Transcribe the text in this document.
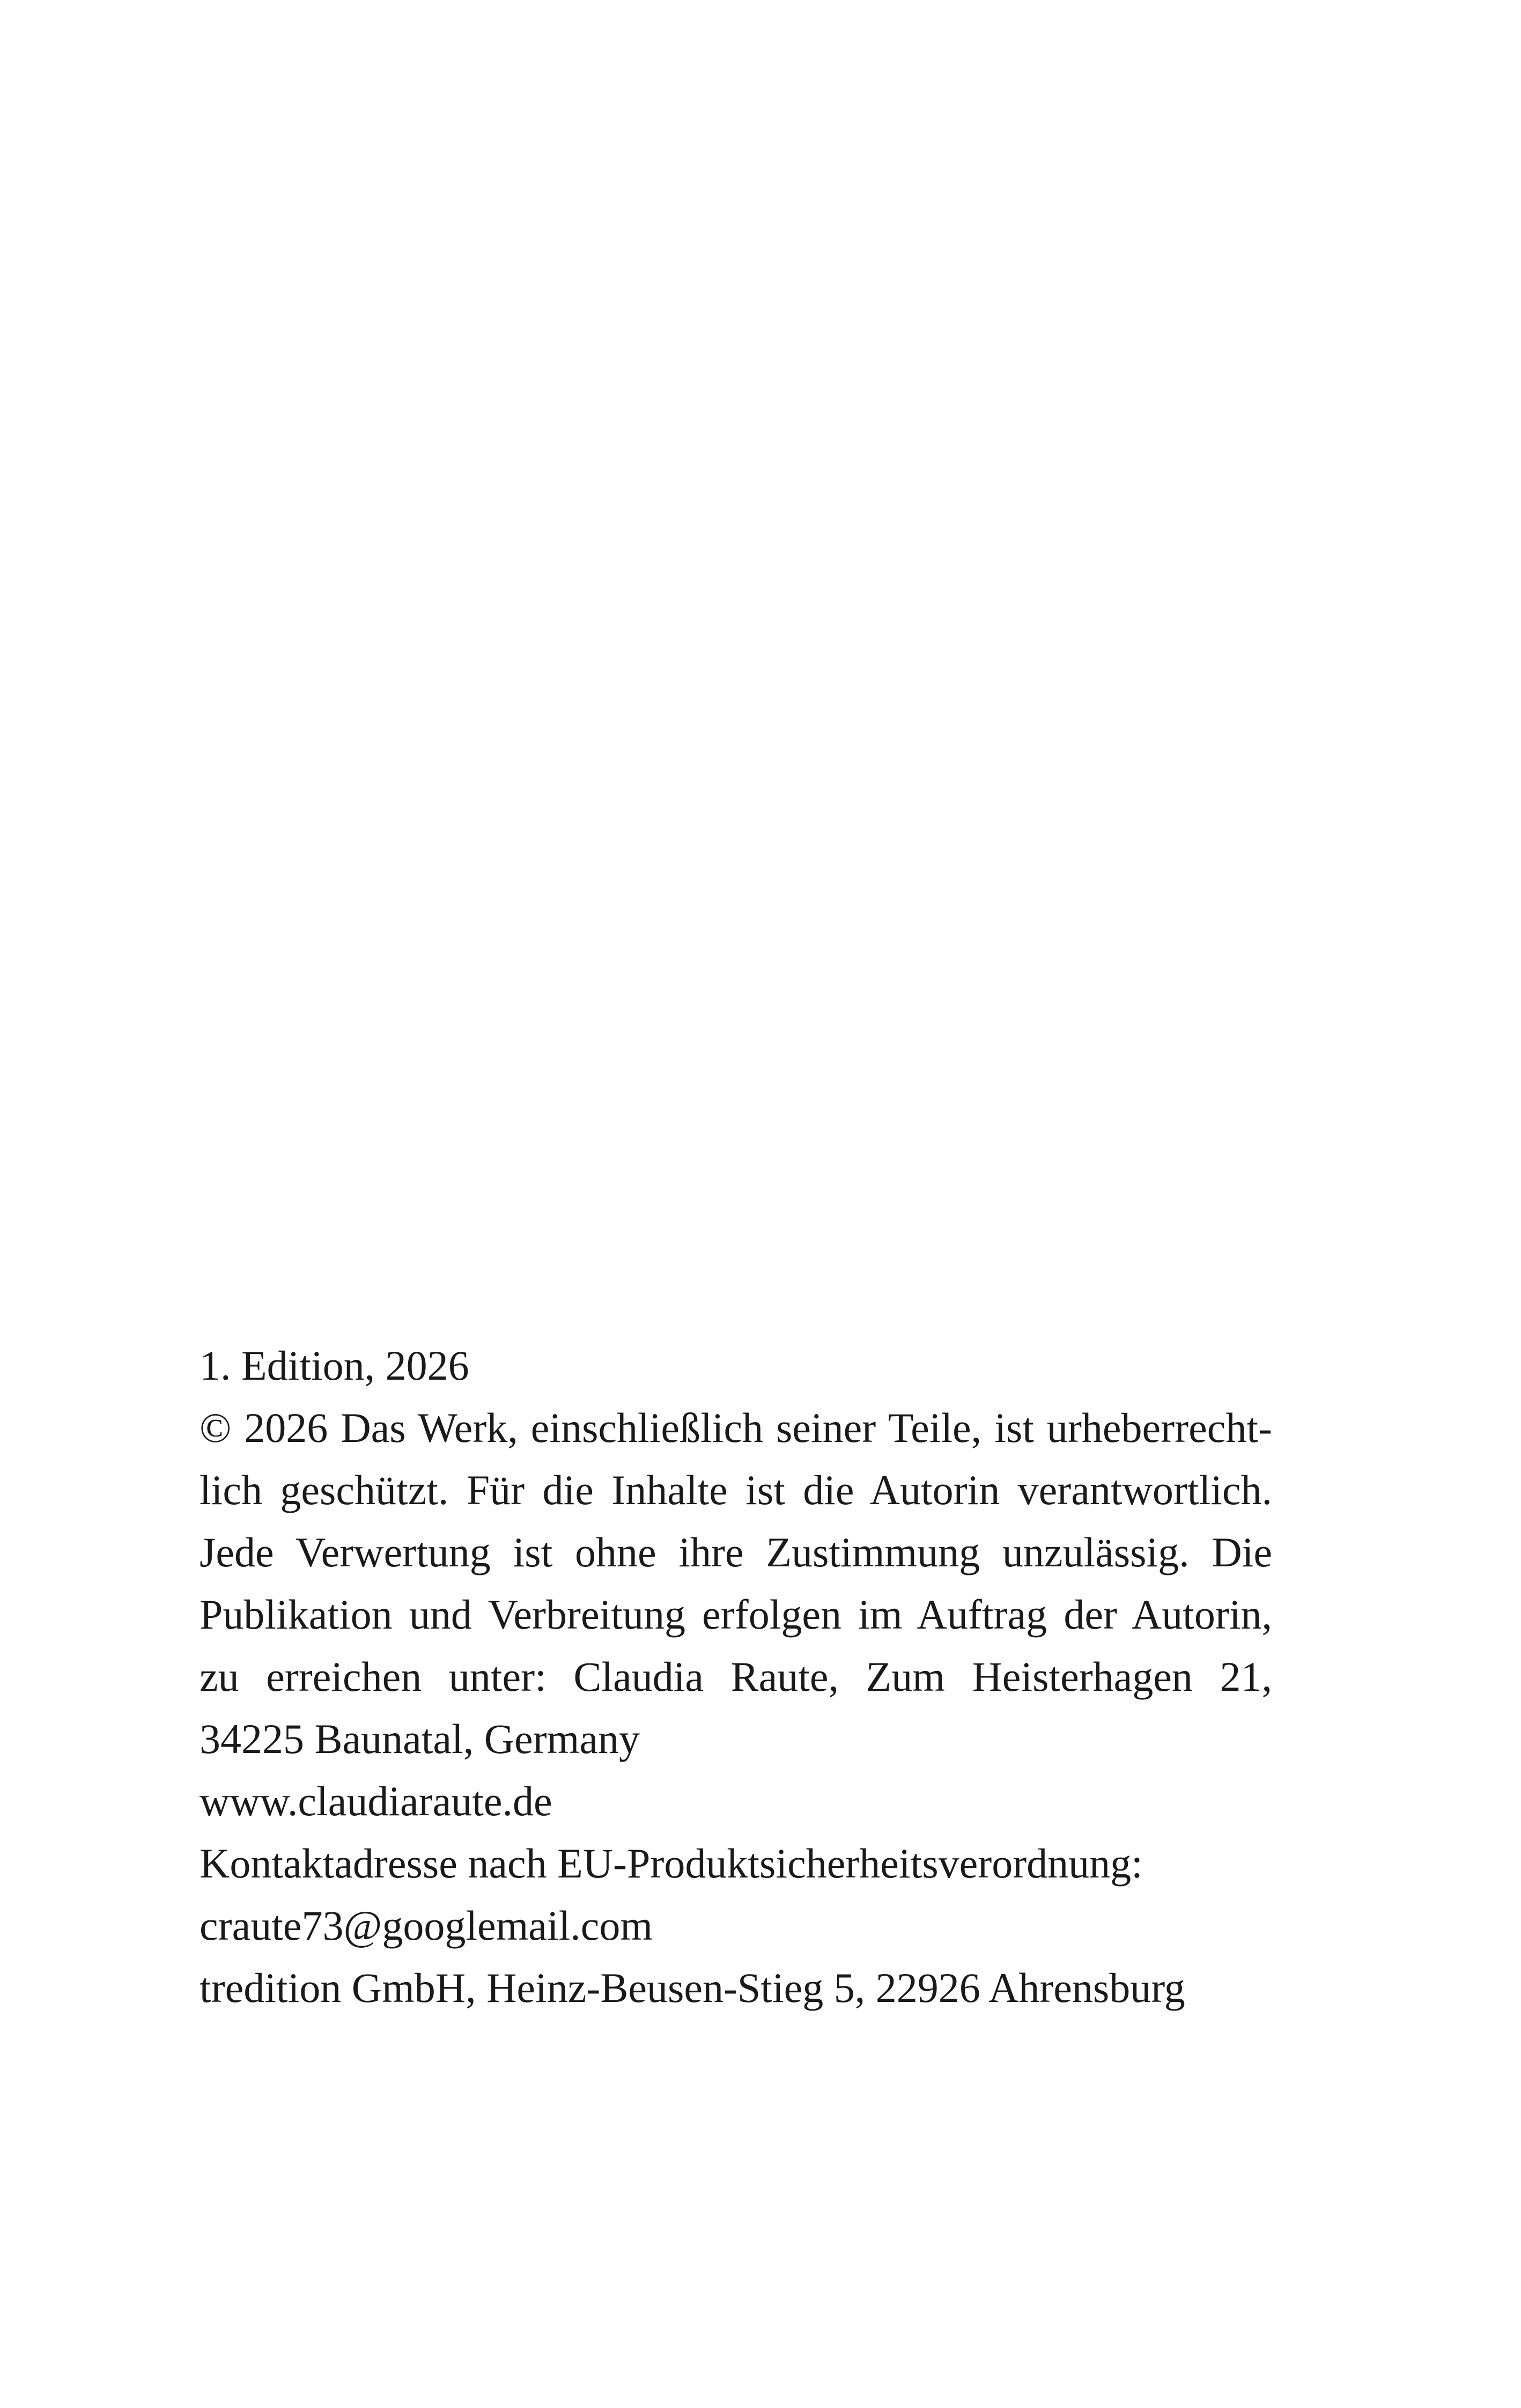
1. Edition, 2026
© 2026 Das Werk, einschließlich seiner Teile, ist urheberrecht-
lich geschützt. Für die Inhalte ist die Autorin verantwortlich.
Jede Verwertung ist ohne ihre Zustimmung unzulässig. Die
Publikation und Verbreitung erfolgen im Auftrag der Autorin,
zu erreichen unter: Claudia Raute, Zum Heisterhagen 21,
34225 Baunatal, Germany
www.claudiaraute.de
Kontaktadresse nach EU-Produktsicherheitsverordnung:
craute73@googlemail.com
tredition GmbH, Heinz-Beusen-Stieg 5, 22926 Ahrensburg
